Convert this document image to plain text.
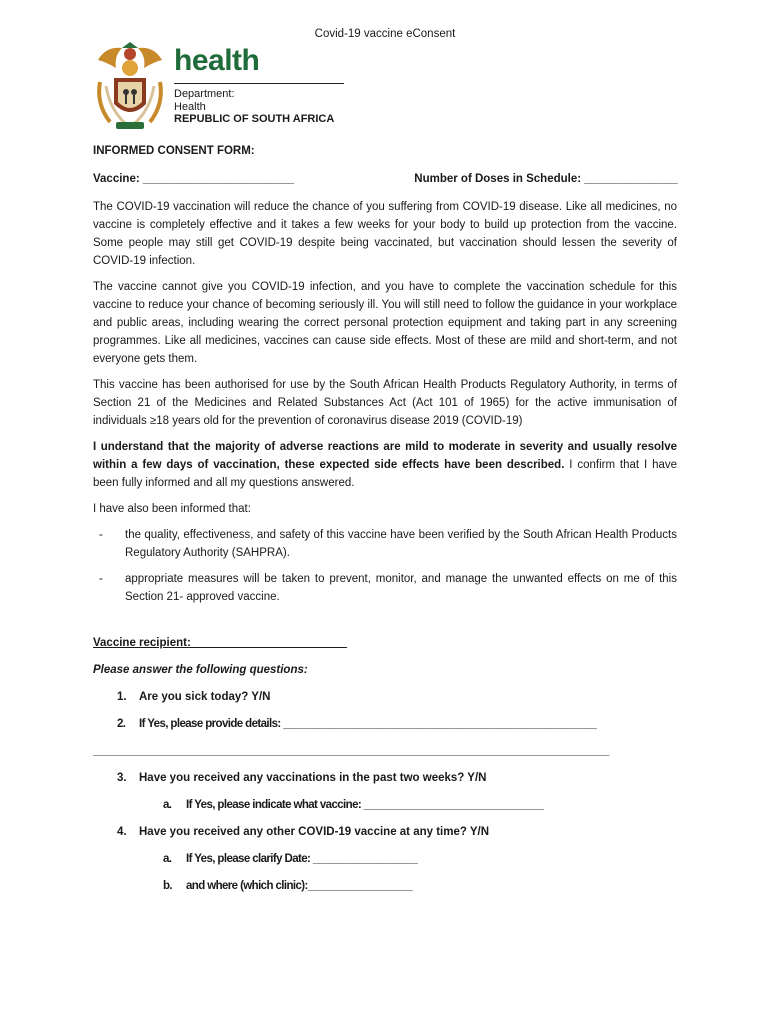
Covid-19 vaccine eConsent
health
Department:
Health
REPUBLIC OF SOUTH AFRICA
INFORMED CONSENT FORM:
Vaccine: __________________________	Number of Doses in Schedule: ________________

The COVID-19 vaccination will reduce the chance of you suffering from COVID-19 disease. Like all medicines, no vaccine is completely effective and it takes a few weeks for your body to build up protection from the vaccine. Some people may still get COVID-19 despite being vaccinated, but vaccination should lessen the severity of COVID-19 infection.

The vaccine cannot give you COVID-19 infection, and you have to complete the vaccination schedule for this vaccine to reduce your chance of becoming seriously ill. You will still need to follow the guidance in your workplace and public areas, including wearing the correct personal protection equipment and taking part in any screening programmes. Like all medicines, vaccines can cause side effects. Most of these are mild and short-term, and not everyone gets them.

This vaccine has been authorised for use by the South African Health Products Regulatory Authority, in terms of Section 21 of the Medicines and Related Substances Act (Act 101 of 1965) for the active immunisation of individuals ≥18 years old for the prevention of coronavirus disease 2019 (COVID-19)

I understand that the majority of adverse reactions are mild to moderate in severity and usually resolve within a few days of vaccination, these expected side effects have been described. I confirm that I have been fully informed and all my questions answered.

I have also been informed that:

- the quality, effectiveness, and safety of this vaccine have been verified by the South African Health Products Regulatory Authority (SAHPRA).
- appropriate measures will be taken to prevent, monitor, and manage the unwanted effects on me of this Section 21- approved vaccine.
Vaccine recipient:___________________________
Please answer the following questions:
1. Are you sick today? Y/N
2. If Yes, please provide details: ______________________________________________________
_________________________________________________________________________________________
3. Have you received any vaccinations in the past two weeks? Y/N
a. If Yes, please indicate what vaccine: _______________________________
4. Have you received any other COVID-19 vaccine at any time? Y/N
a. If Yes, please clarify Date: __________________
b. and where (which clinic):__________________
